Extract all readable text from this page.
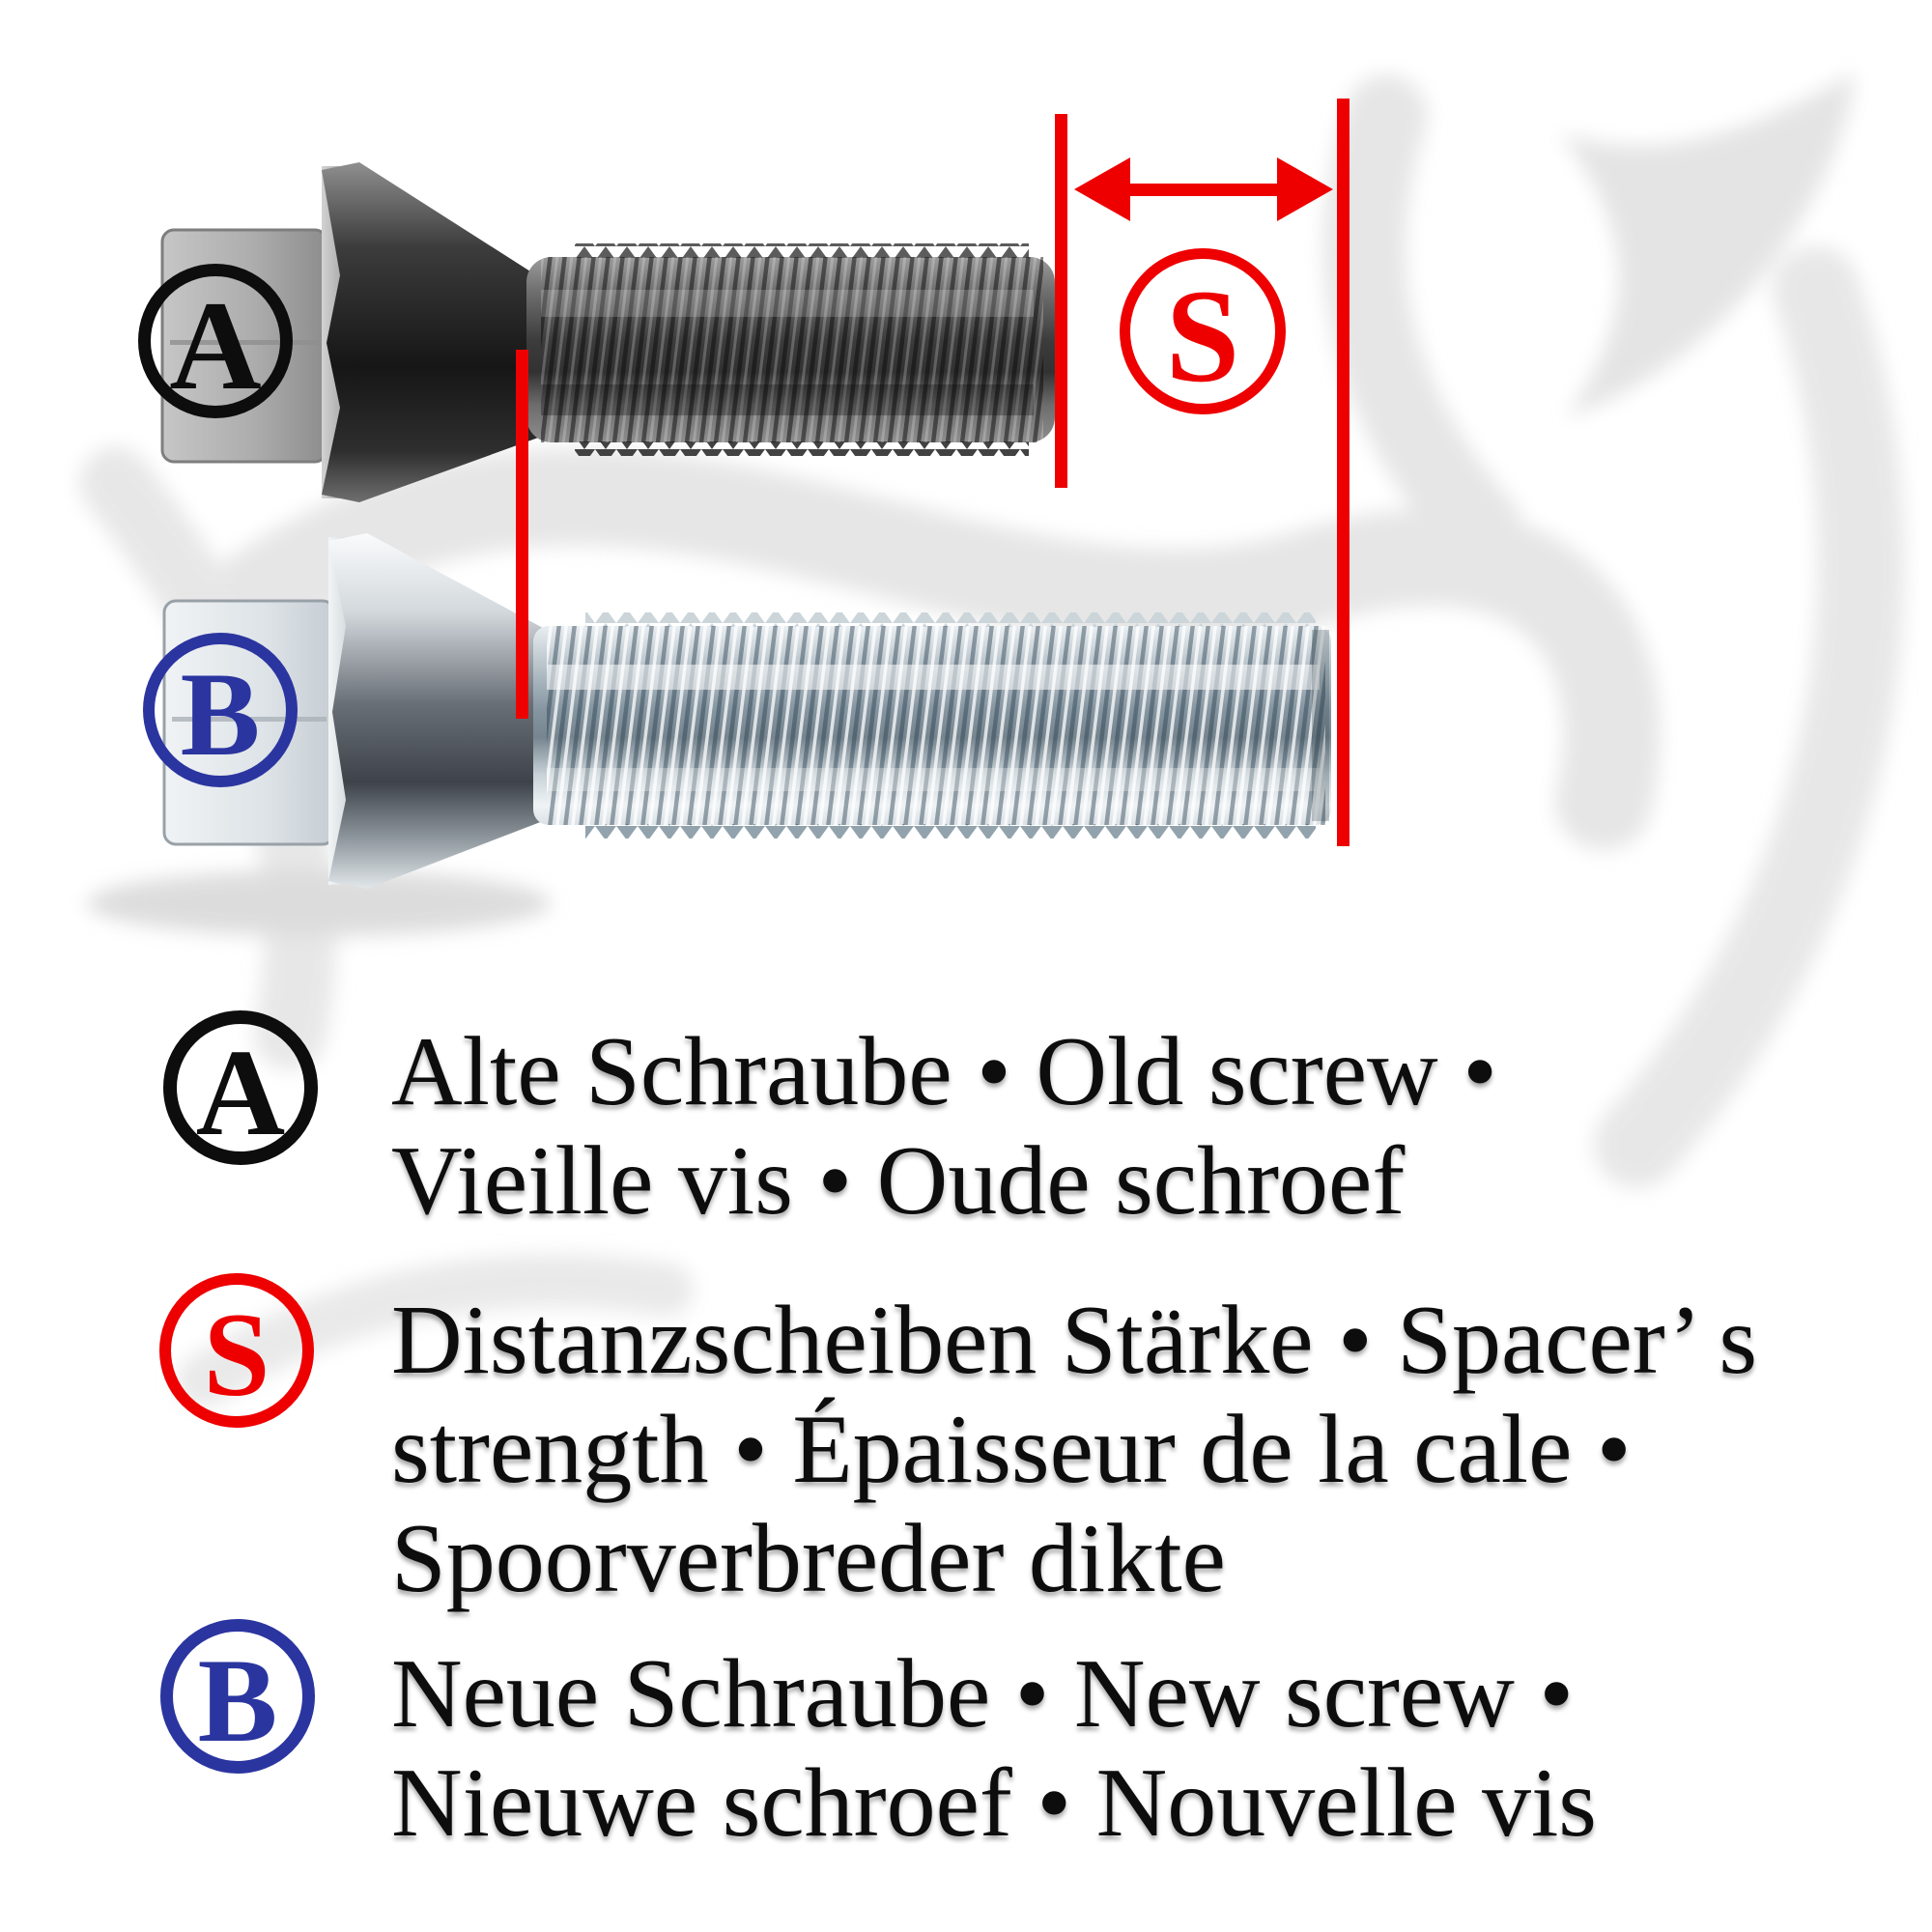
A	S
B
A Alte Schraube • Old screw •
Vieille vis • Oude schroef
S Distanzscheiben Stärke • Spacer’ s
strength • Épaisseur de la cale •
Spoorverbreder dikte
B Neue Schraube • New screw •
Nieuwe schroef • Nouvelle vis
